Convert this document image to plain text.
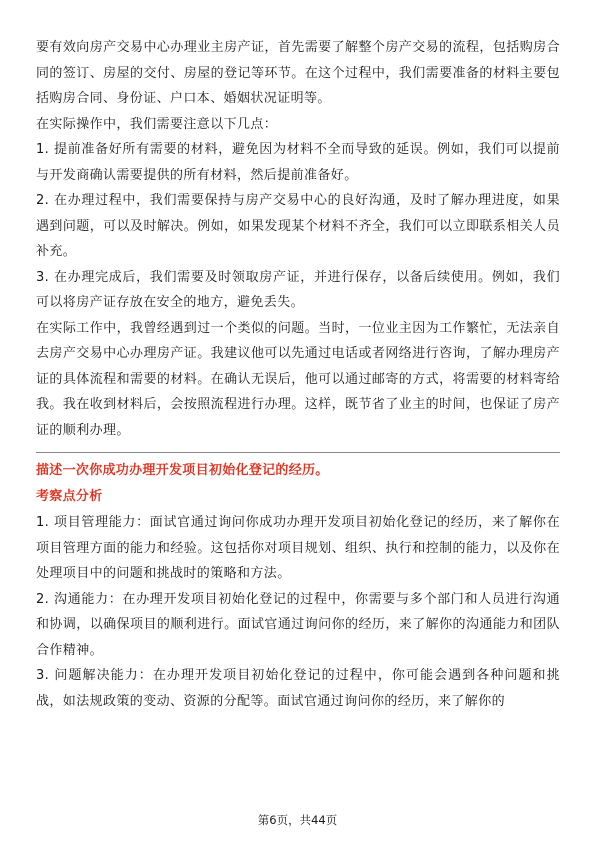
要有效向房产交易中心办理业主房产证，首先需要了解整个房产交易的流程，包括购房合同的签订、房屋的交付、房屋的登记等环节。在这个过程中，我们需要准备的材料主要包括购房合同、身份证、户口本、婚姻状况证明等。

在实际操作中，我们需要注意以下几点：

1. 提前准备好所有需要的材料，避免因为材料不全而导致的延误。例如，我们可以提前与开发商确认需要提供的所有材料，然后提前准备好。

2. 在办理过程中，我们需要保持与房产交易中心的良好沟通，及时了解办理进度，如果遇到问题，可以及时解决。例如，如果发现某个材料不齐全，我们可以立即联系相关人员补充。

3. 在办理完成后，我们需要及时领取房产证，并进行保存，以备后续使用。例如，我们可以将房产证存放在安全的地方，避免丢失。

在实际工作中，我曾经遇到过一个类似的问题。当时，一位业主因为工作繁忙，无法亲自去房产交易中心办理房产证。我建议他可以先通过电话或者网络进行咨询，了解办理房产证的具体流程和需要的材料。在确认无误后，他可以通过邮寄的方式，将需要的材料寄给我。我在收到材料后，会按照流程进行办理。这样，既节省了业主的时间，也保证了房产证的顺利办理。

描述一次你成功办理开发项目初始化登记的经历。

考察点分析

1. 项目管理能力：面试官通过询问你成功办理开发项目初始化登记的经历，来了解你在项目管理方面的能力和经验。这包括你对项目规划、组织、执行和控制的能力，以及你在处理项目中的问题和挑战时的策略和方法。

2. 沟通能力：在办理开发项目初始化登记的过程中，你需要与多个部门和人员进行沟通和协调，以确保项目的顺利进行。面试官通过询问你的经历，来了解你的沟通能力和团队合作精神。

3. 问题解决能力：在办理开发项目初始化登记的过程中，你可能会遇到各种问题和挑战，如法规政策的变动、资源的分配等。面试官通过询问你的经历，来了解你的

第6页，共44页
